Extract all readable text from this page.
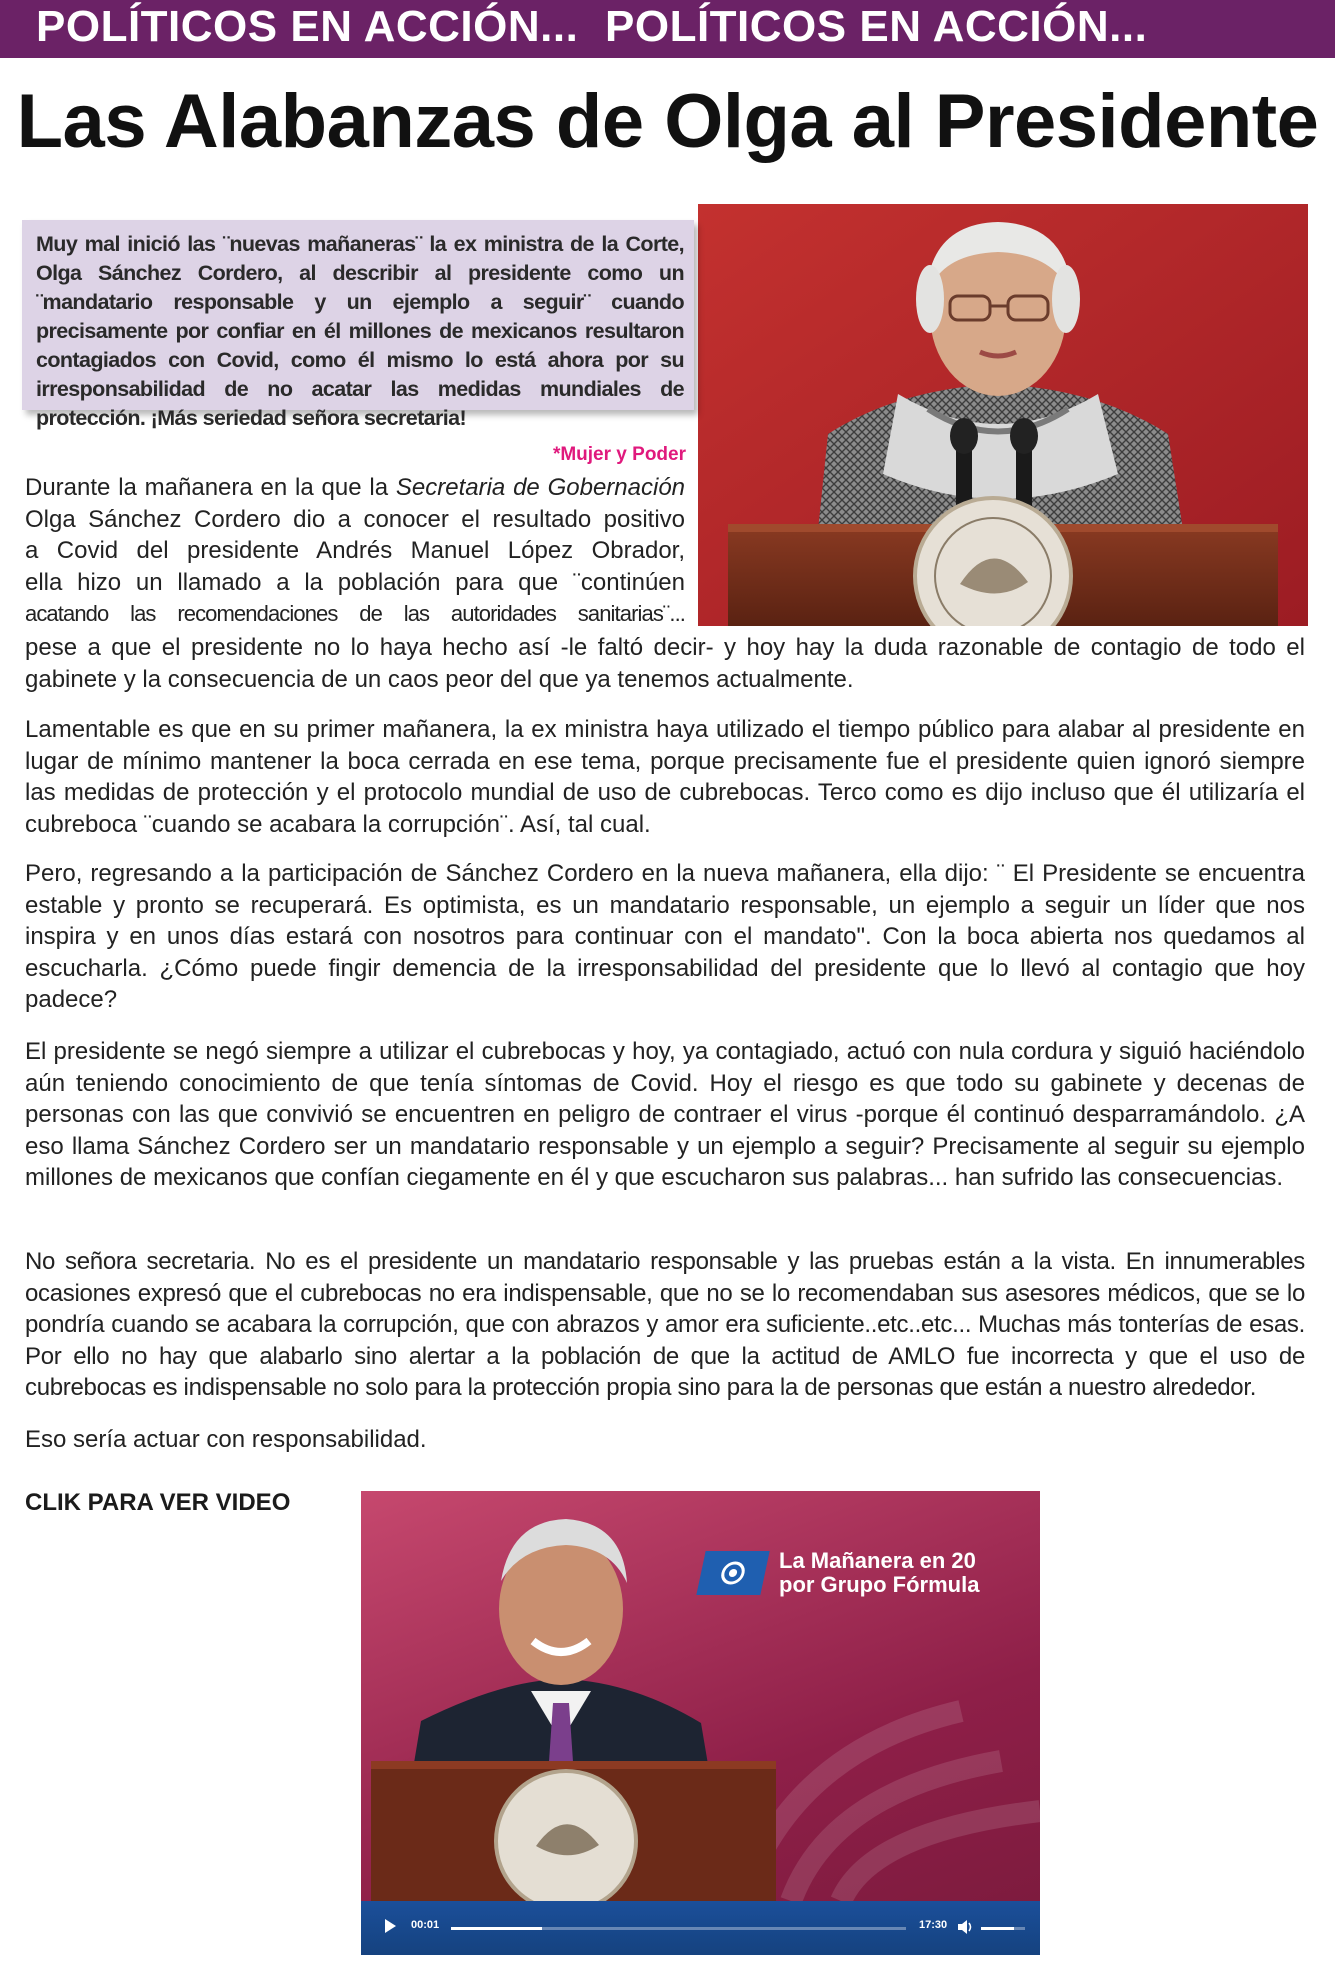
POLÍTICOS EN ACCIÓN... POLÍTICOS EN ACCIÓN...
Las Alabanzas de Olga al Presidente

Muy mal inició las ¨nuevas mañaneras¨ la ex ministra de la Corte, Olga Sánchez Cordero, al describir al presidente como un ¨mandatario responsable y un ejemplo a seguir¨ cuando precisamente por confiar en él millones de mexicanos resultaron contagiados con Covid, como él mismo lo está ahora por su irresponsabilidad de no acatar las medidas mundiales de protección. ¡Más seriedad señora secretaria!

*Mujer y Poder
Durante la mañanera en la que la Secretaria de Gobernación
Olga Sánchez Cordero dio a conocer el resultado positivo
a Covid del presidente Andrés Manuel López Obrador,
ella hizo un llamado a la población para que ¨continúen
acatando las recomendaciones de las autoridades sanitarias¨...

pese a que el presidente no lo haya hecho así -le faltó decir- y hoy hay la duda razonable de contagio de todo el gabinete y la consecuencia de un caos peor del que ya tenemos actualmente.

Lamentable es que en su primer mañanera, la ex ministra haya utilizado el tiempo público para alabar al presidente en lugar de mínimo mantener la boca cerrada en ese tema, porque precisamente fue el presidente quien ignoró siempre las medidas de protección y el protocolo mundial de uso de cubrebocas. Terco como es dijo incluso que él utilizaría el cubreboca ¨cuando se acabara la corrupción¨. Así, tal cual.

Pero, regresando a la participación de Sánchez Cordero en la nueva mañanera, ella dijo: ¨ El Presidente se encuentra estable y pronto se recuperará. Es optimista, es un mandatario responsable, un ejemplo a seguir un líder que nos inspira y en unos días estará con nosotros para continuar con el mandato". Con la boca abierta nos quedamos al escucharla. ¿Cómo puede fingir demencia de la irresponsabilidad del presidente que lo llevó al contagio que hoy padece?

El presidente se negó siempre a utilizar el cubrebocas y hoy, ya contagiado, actuó con nula cordura y siguió haciéndolo aún teniendo conocimiento de que tenía síntomas de Covid. Hoy el riesgo es que todo su gabinete y decenas de personas con las que convivió se encuentren en peligro de contraer el virus -porque él continuó desparramándolo. ¿A eso llama Sánchez Cordero ser un mandatario responsable y un ejemplo a seguir? Precisamente al seguir su ejemplo millones de mexicanos que confían ciegamente en él y que escucharon sus palabras... han sufrido las consecuencias.

No señora secretaria. No es el presidente un mandatario responsable y las pruebas están a la vista. En innumerables ocasiones expresó que el cubrebocas no era indispensable, que no se lo recomendaban sus asesores médicos, que se lo pondría cuando se acabara la corrupción, que con abrazos y amor era suficiente..etc..etc... Muchas más tonterías de esas. Por ello no hay que alabarlo sino alertar a la población de que la actitud de AMLO fue incorrecta y que el uso de cubrebocas es indispensable no solo para la protección propia sino para la de personas que están a nuestro alrededor.

Eso sería actuar con responsabilidad.

CLIK PARA VER VIDEO
La Mañanera en 20
por Grupo Fórmula
00:01	17:30
